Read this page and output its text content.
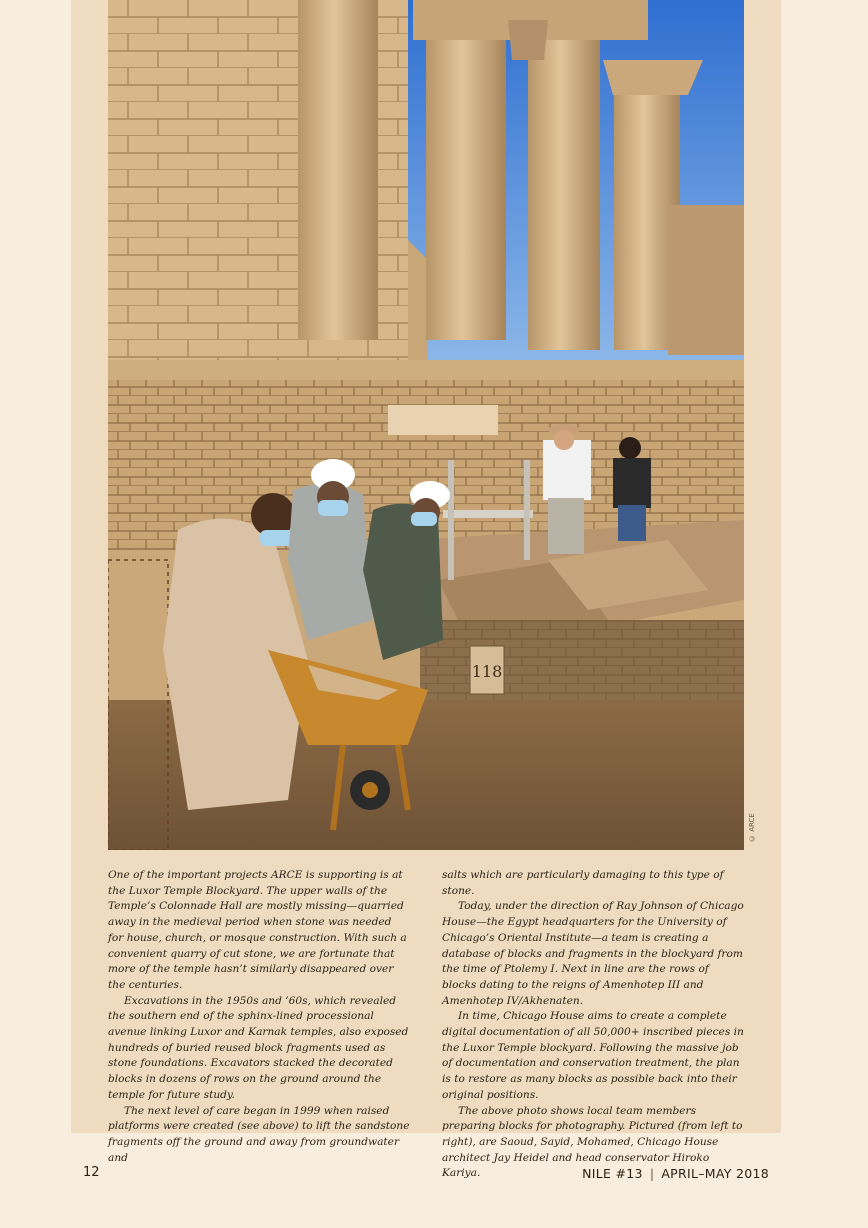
118
© ARCE

One of the important projects ARCE is supporting is at the Luxor Temple Blockyard. The upper walls of the Temple’s Colonnade Hall are mostly missing—quarried away in the medieval period when stone was needed for house, church, or mosque construction. With such a convenient quarry of cut stone, we are fortunate that more of the temple hasn’t similarly disappeared over the centuries.

Excavations in the 1950s and ’60s, which revealed the southern end of the sphinx-lined processional avenue linking Luxor and Karnak temples, also exposed hundreds of buried reused block fragments used as stone foundations. Excavators stacked the decorated blocks in dozens of rows on the ground around the temple for future study.

The next level of care began in 1999 when raised platforms were created (see above) to lift the sandstone fragments off the ground and away from groundwater and

salts which are particularly damaging to this type of stone.

Today, under the direction of Ray Johnson of Chicago House—the Egypt headquarters for the University of Chicago’s Oriental Institute—a team is creating a database of blocks and fragments in the blockyard from the time of Ptolemy I. Next in line are the rows of blocks dating to the reigns of Amenhotep III and Amenhotep IV/Akhenaten.

In time, Chicago House aims to create a complete digital documentation of all 50,000+ inscribed pieces in the Luxor Temple blockyard. Following the massive job of documentation and conservation treatment, the plan is to restore as many blocks as possible back into their original positions.

The above photo shows local team members preparing blocks for photography. Pictured (from left to right), are Saoud, Sayid, Mohamed, Chicago House architect Jay Heidel and head conservator Hiroko Kariya.

12	NILE #13 | APRIL–MAY 2018
